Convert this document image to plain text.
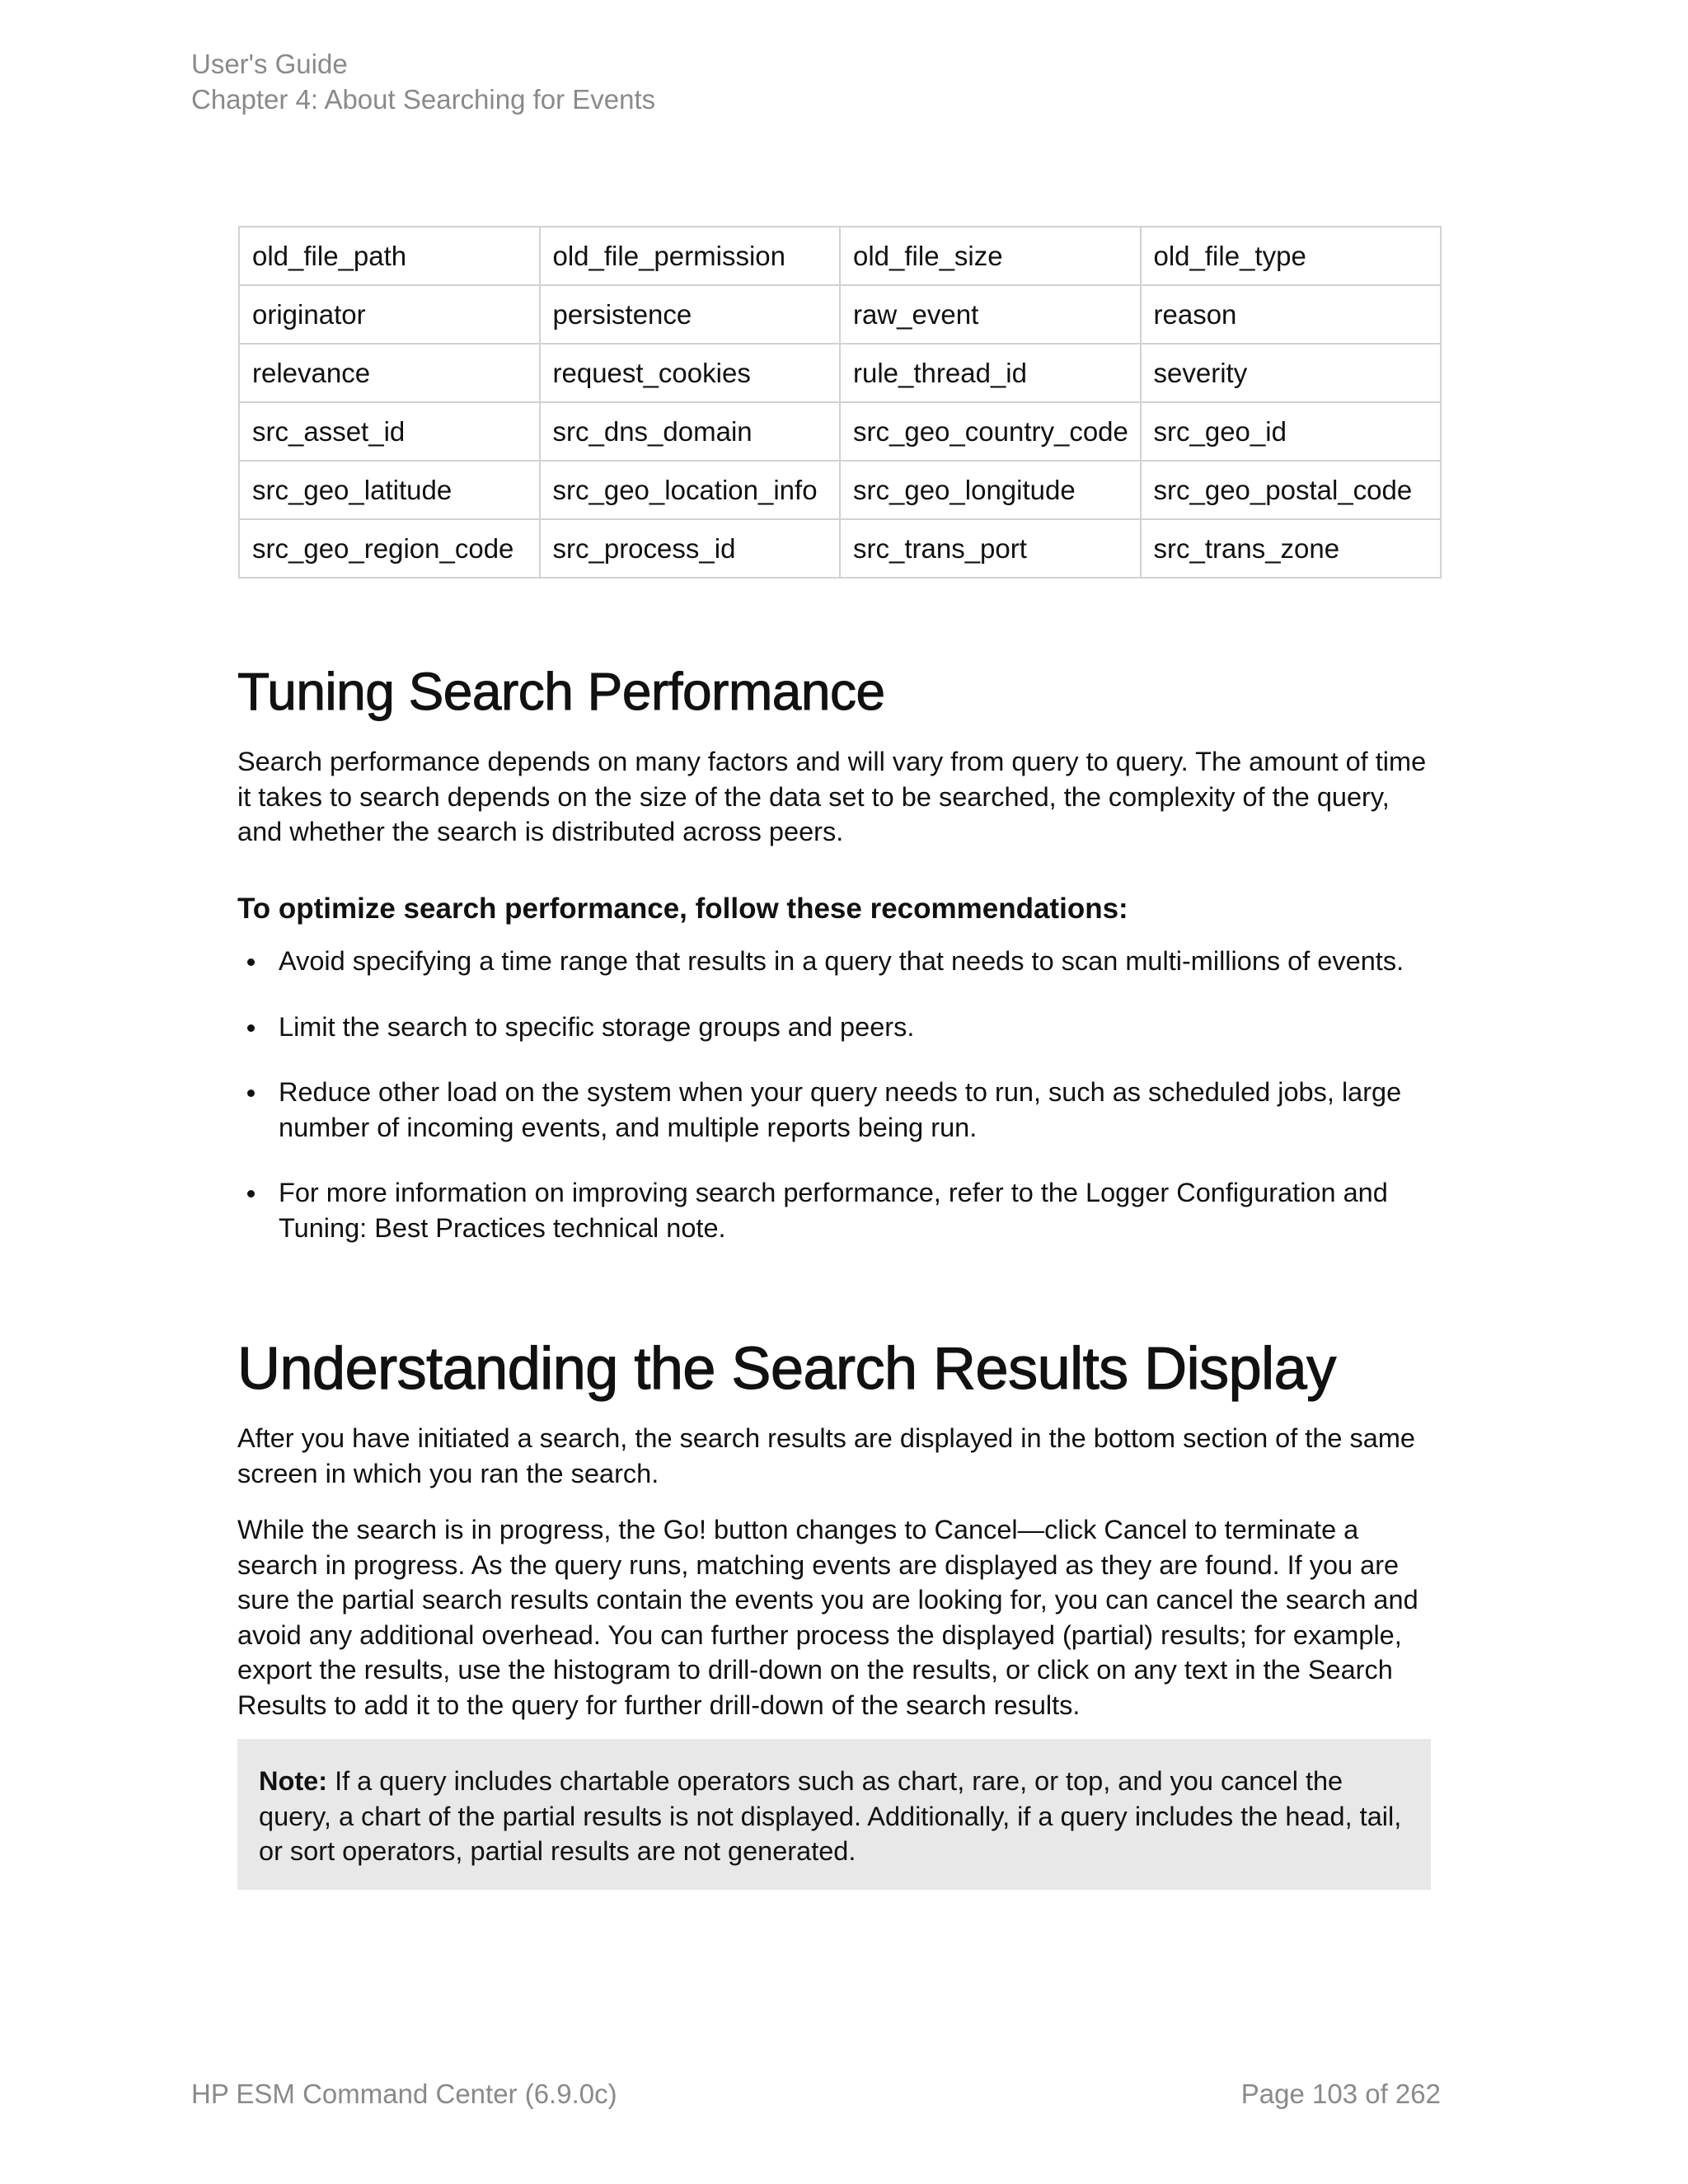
User's Guide
Chapter 4: About Searching for Events
old_file_path	old_file_permission	old_file_size	old_file_type
originator	persistence	raw_event	reason
relevance	request_cookies	rule_thread_id	severity
src_asset_id	src_dns_domain	src_geo_country_code	src_geo_id
src_geo_latitude	src_geo_location_info	src_geo_longitude	src_geo_postal_code
src_geo_region_code	src_process_id	src_trans_port	src_trans_zone
Tuning Search Performance

Search performance depends on many factors and will vary from query to query. The amount of time it takes to search depends on the size of the data set to be searched, the complexity of the query, and whether the search is distributed across peers.

To optimize search performance, follow these recommendations:
Avoid specifying a time range that results in a query that needs to scan multi-millions of events.
Limit the search to specific storage groups and peers.
Reduce other load on the system when your query needs to run, such as scheduled jobs, large number of incoming events, and multiple reports being run.
For more information on improving search performance, refer to the Logger Configuration and Tuning: Best Practices technical note.
Understanding the Search Results Display

After you have initiated a search, the search results are displayed in the bottom section of the same screen in which you ran the search.

While the search is in progress, the Go! button changes to Cancel—click Cancel to terminate a search in progress. As the query runs, matching events are displayed as they are found. If you are sure the partial search results contain the events you are looking for, you can cancel the search and avoid any additional overhead. You can further process the displayed (partial) results; for example, export the results, use the histogram to drill-down on the results, or click on any text in the Search Results to add it to the query for further drill-down of the search results.

Note: If a query includes chartable operators such as chart, rare, or top, and you cancel the query, a chart of the partial results is not displayed. Additionally, if a query includes the head, tail, or sort operators, partial results are not generated.
HP ESM Command Center (6.9.0c)	Page 103 of 262
